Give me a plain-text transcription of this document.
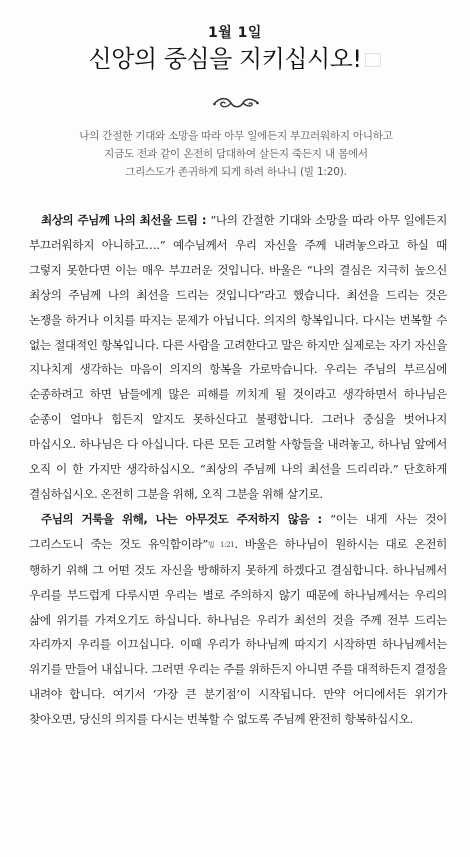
1월 1일
신앙의 중심을 지키십시오!
나의 간절한 기대와 소망을 따라 아무 일에든지 부끄러워하지 아니하고
지금도 전과 같이 온전히 담대하여 살든지 죽든지 내 몸에서
그리스도가 존귀하게 되게 하려 하나니 (빌 1:20).

최상의 주님께 나의 최선을 드림 : “나의 간절한 기대와 소망을 따라 아무 일에든지 부끄러워하지 아니하고….” 예수님께서 우리 자신을 주께 내려놓으라고 하실 때 그렇지 못한다면 이는 매우 부끄러운 것입니다. 바울은 “나의 결심은 지극히 높으신 최상의 주님께 나의 최선을 드리는 것입니다”라고 했습니다. 최선을 드리는 것은 논쟁을 하거나 이치를 따지는 문제가 아닙니다. 의지의 항복입니다. 다시는 번복할 수 없는 절대적인 항복입니다. 다른 사람을 고려한다고 말은 하지만 실제로는 자기 자신을 지나치게 생각하는 마음이 의지의 항복을 가로막습니다. 우리는 주님의 부르심에 순종하려고 하면 남들에게 많은 피해를 끼치게 될 것이라고 생각하면서 하나님은 순종이 얼마나 힘든지 알지도 못하신다고 불평합니다. 그러나 중심을 벗어나지 마십시오. 하나님은 다 아십니다. 다른 모든 고려할 사항들을 내려놓고, 하나님 앞에서 오직 이 한 가지만 생각하십시오. “최상의 주님께 나의 최선을 드리리라.” 단호하게 결심하십시오. 온전히 그분을 위해, 오직 그분을 위해 살기로.

주님의 거룩을 위해, 나는 아무것도 주저하지 않음 : “이는 내게 사는 것이 그리스도니 죽는 것도 유익함이라”빌 1:21. 바울은 하나님이 원하시는 대로 온전히 행하기 위해 그 어떤 것도 자신을 방해하지 못하게 하겠다고 결심합니다. 하나님께서 우리를 부드럽게 다루시면 우리는 별로 주의하지 않기 때문에 하나님께서는 우리의 삶에 위기를 가져오기도 하십니다. 하나님은 우리가 최선의 것을 주께 전부 드리는 자리까지 우리를 이끄십니다. 이때 우리가 하나님께 따지기 시작하면 하나님께서는 위기를 만들어 내십니다. 그러면 우리는 주를 위하든지 아니면 주를 대적하든지 결정을 내려야 합니다. 여기서 ‘가장 큰 분기점’이 시작됩니다. 만약 어디에서든 위기가 찾아오면, 당신의 의지를 다시는 번복할 수 없도록 주님께 완전히 항복하십시오.
